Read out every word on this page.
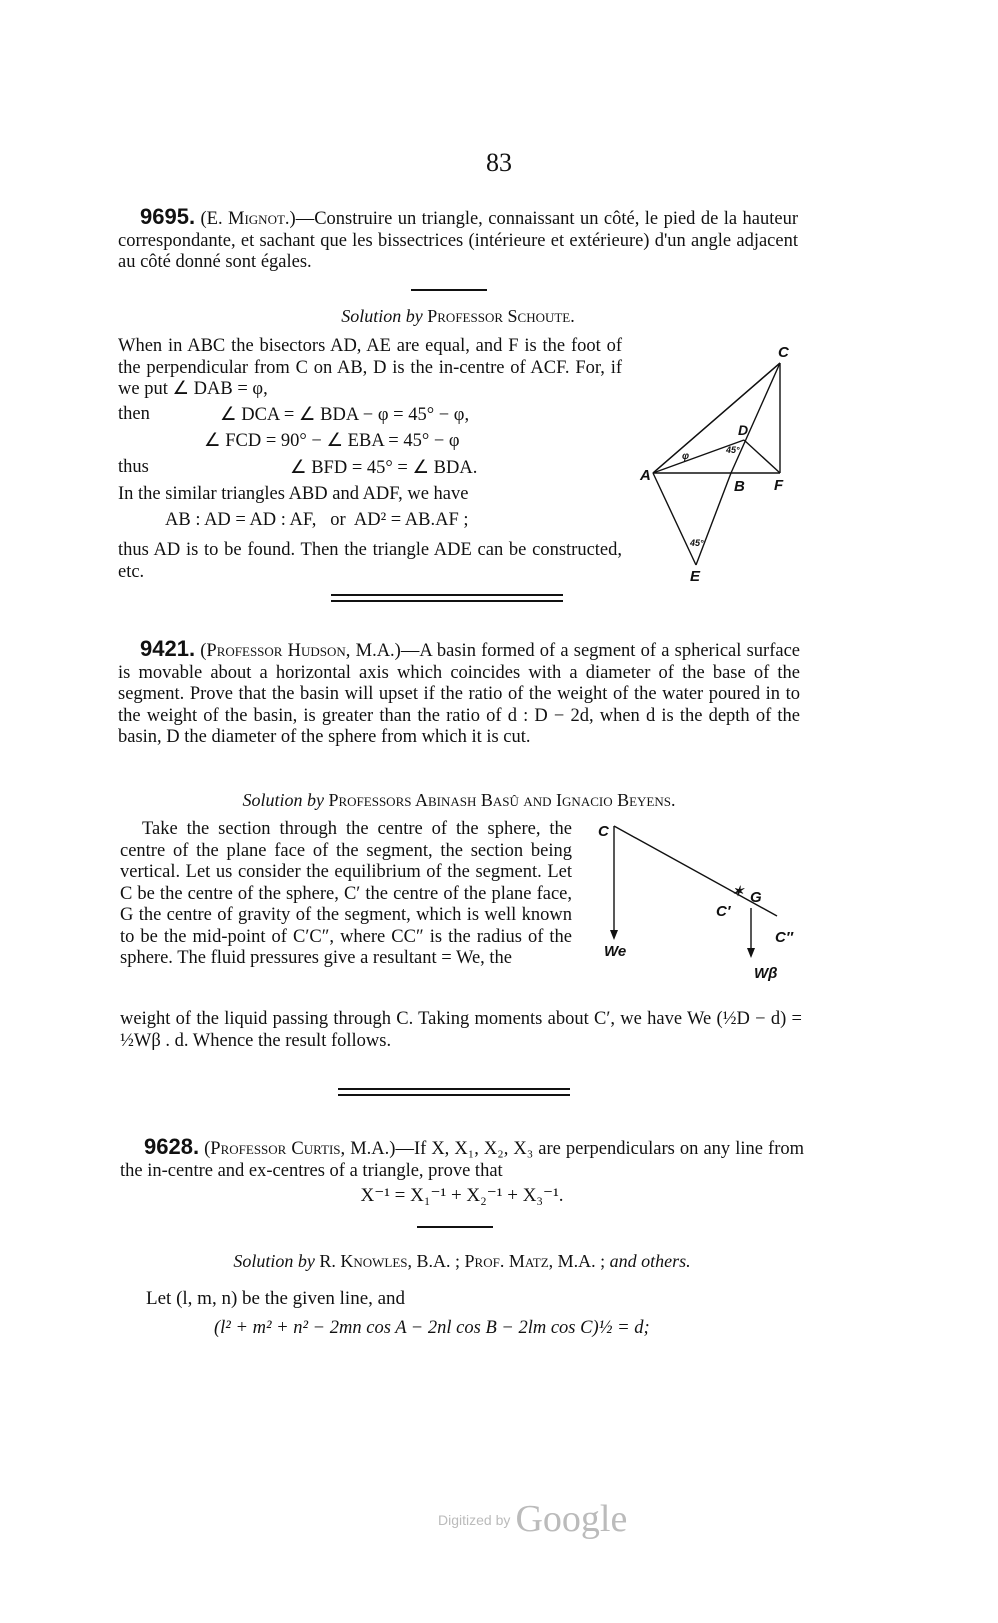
83
9695. (E. Mignot.)—Construire un triangle, connaissant un côté, le pied de la hauteur correspondante, et sachant que les bissectrices (intérieure et extérieure) d'un angle adjacent au côté donné sont égales.
Solution by Professor Schoute.
When in ABC the bisectors AD, AE are equal, and F is the foot of the perpendicular from C on AB, D is the in-centre of ACF. For, if we put ∠ DAB = φ,
then	∠ DCA = ∠ BDA − φ = 45° − φ,
∠ FCD = 90° − ∠ EBA = 45° − φ
thus	∠ BFD = 45° = ∠ BDA.
In the similar triangles ABD and ADF, we have
AB : AD = AD : AF,   or  AD² = AB.AF ;
thus AD is to be found. Then the triangle ADE can be constructed, etc.
C
D
A
B F
E
φ
45°
45°
9421. (Professor Hudson, M.A.)—A basin formed of a segment of a spherical surface is movable about a horizontal axis which coincides with a diameter of the base of the segment. Prove that the basin will upset if the ratio of the weight of the water poured in to the weight of the basin, is greater than the ratio of d : D − 2d, when d is the depth of the basin, D the diameter of the sphere from which it is cut.
Solution by Professors Abinash Basû and Ignacio Beyens.
Take the section through the centre of the sphere, the centre of the plane face of the segment, the section being vertical. Let us consider the equilibrium of the segment. Let C be the centre of the sphere, C′ the centre of the plane face, G the centre of gravity of the segment, which is well known to be the mid-point of C′C″, where CC″ is the radius of the sphere. The fluid pressures give a resultant = We, the
weight of the liquid passing through C. Taking moments about C′, we have We (½D − d) = ½Wβ . d. Whence the result follows.
✶
C
C′
G
C″
We
Wβ
9628. (Professor Curtis, M.A.)—If X, X₁, X₂, X₃ are perpendiculars on any line from the in-centre and ex-centres of a triangle, prove that
X⁻¹ = X₁⁻¹ + X₂⁻¹ + X₃⁻¹.
Solution by R. Knowles, B.A. ; Prof. Matz, M.A. ; and others.
Let (l, m, n) be the given line, and
(l² + m² + n² − 2mn cos A − 2nl cos B − 2lm cos C)½ = d;
Digitized by Google
